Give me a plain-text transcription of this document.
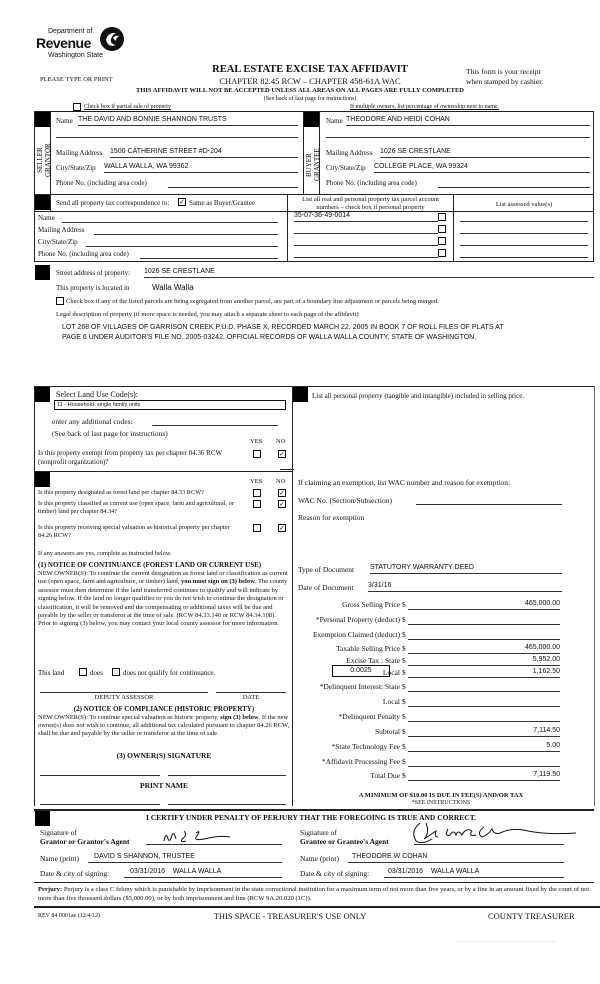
Department of
Revenue
Washington State
PLEASE TYPE OR PRINT
REAL ESTATE EXCISE TAX AFFIDAVIT
CHAPTER 82.45 RCW – CHAPTER 458-61A WAC
This form is your receipt
when stamped by cashier.
THIS AFFIDAVIT WILL NOT BE ACCEPTED UNLESS ALL AREAS ON ALL PAGES ARE FULLY COMPLETED
(See back of last page for instructions)
Check box if partial sale of property	If multiple owners, list percentage of ownership next to name.
SELLER
GRANTOR
Name THE DAVID AND BONNIE SHANNON TRUSTS
Mailing Address 1500 CATHERINE STREET #D-204
City/State/Zip WALLA WALLA, WA 99362
Phone No. (including area code)
BUYER
GRANTEE
Name THEODORE AND HEIDI COHAN
Mailing Address 1026 SE CRESTLANE
City/State/Zip COLLEGE PLACE, WA 99324
Phone No. (including area code)
Send all property tax correspondence to: ✓ Same as Buyer/Grantee
Name
Mailing Address
City/State/Zip
Phone No. (including area code)
List all real and personal property tax parcel account
numbers – check box if personal property	List assessed value(s)
35-07-36-49-0014
Street address of property: 1026 SE CRESTLANE
This property is located in	Walla Walla
Check box if any of the listed parcels are being segregated from another parcel, are part of a boundary line adjustment or parcels being merged.
Legal description of property (if more space is needed, you may attach a separate sheet to each page of the affidavit)
LOT 268 OF VILLAGES OF GARRISON CREEK P.U.D. PHASE X, RECORDED MARCH 22, 2005 IN BOOK 7 OF ROLL FILES OF PLATS AT PAGE 6 UNDER AUDITOR'S FILE NO. 2005-03242, OFFICIAL RECORDS OF WALLA WALLA COUNTY, STATE OF WASHINGTON.
Select Land Use Code(s):
11 - Household, single family units
enter any additional codes:
(See back of last page for instructions)
YES NO
Is this property exempt from property tax per chapter 84.36 RCW (nonprofit organization)?
✓
YES NO
Is this property designated as forest land per chapter 84.33 RCW?	✓
Is this property classified as current use (open space, farm and agricultural, or timber) land per chapter 84.34?
✓
Is this property receiving special valuation as historical property per chapter 84.26 RCW?
✓
If any answers are yes, complete as instructed below.
(1) NOTICE OF CONTINUANCE (FOREST LAND OR CURRENT USE)
NEW OWNER(S): To continue the current designation as forest land or classification as current use (open space, farm and agriculture, or timber) land, you must sign on (3) below. The county assessor must then determine if the land transferred continues to qualify and will indicate by signing below. If the land no longer qualifies or you do not wish to continue the designation or classification, it will be removed and the compensating or additional taxes will be due and payable by the seller or transferor at the time of sale. (RCW 84.33.140 or RCW 84.34.108). Prior to signing (3) below, you may contact your local county assessor for more information.
This land	does	does not qualify for continuance.
DEPUTY ASSESSOR	DATE
(2) NOTICE OF COMPLIANCE (HISTORIC PROPERTY)
NEW OWNER(S): To continue special valuation as historic property, sign (3) below. If the new owner(s) does not wish to continue, all additional tax calculated pursuant to chapter 84.26 RCW, shall be due and payable by the seller or transferor at the time of sale.
(3) OWNER(S) SIGNATURE
PRINT NAME
List all personal property (tangible and intangible) included in selling price.
If claiming an exemption, list WAC number and reason for exemption:
WAC No. (Section/Subsection)
Reason for exemption
Type of Document STATUTORY WARRANTY DEED
Date of Document 3/31/16
0.0025
Gross Selling Price $	465,000.00
*Personal Property (deduct) $
Exemption Claimed (deduct) $
Taxable Selling Price $	465,000.00
Excise Tax : State $	5,952.00
Local $	1,162.50
*Delinquent Interest: State $
Local $
*Delinquent Penalty $
Subtotal $	7,114.50
*State Technology Fee $	5.00
*Affidavit Processing Fee $
Total Due $	7,119.50
A MINIMUM OF $10.00 IS DUE IN FEE(S) AND/OR TAX
*SEE INSTRUCTIONS
I CERTIFY UNDER PENALTY OF PERJURY THAT THE FOREGOING IS TRUE AND CORRECT.
Signature of
Grantor or Grantor's Agent
Name (print)	DAVID S SHANNON, TRUSTEE
Date & city of signing:	03/31/2016 WALLA WALLA
Signature of
Grantee or Grantee's Agent
Name (print)	THEODORE W COHAN
Date & city of signing:	03/31/2016 WALLA WALLA
Perjury: Perjury is a class C felony which is punishable by imprisonment in the state correctional institution for a maximum term of not more than five years, or by a fine in an amount fixed by the court of not more than five thousand dollars ($5,000.00), or by both imprisonment and fine (RCW 9A.20.020 (1C)).
REV 84 0001ae (12/4/12)	THIS SPACE - TREASURER'S USE ONLY	COUNTY TREASURER
